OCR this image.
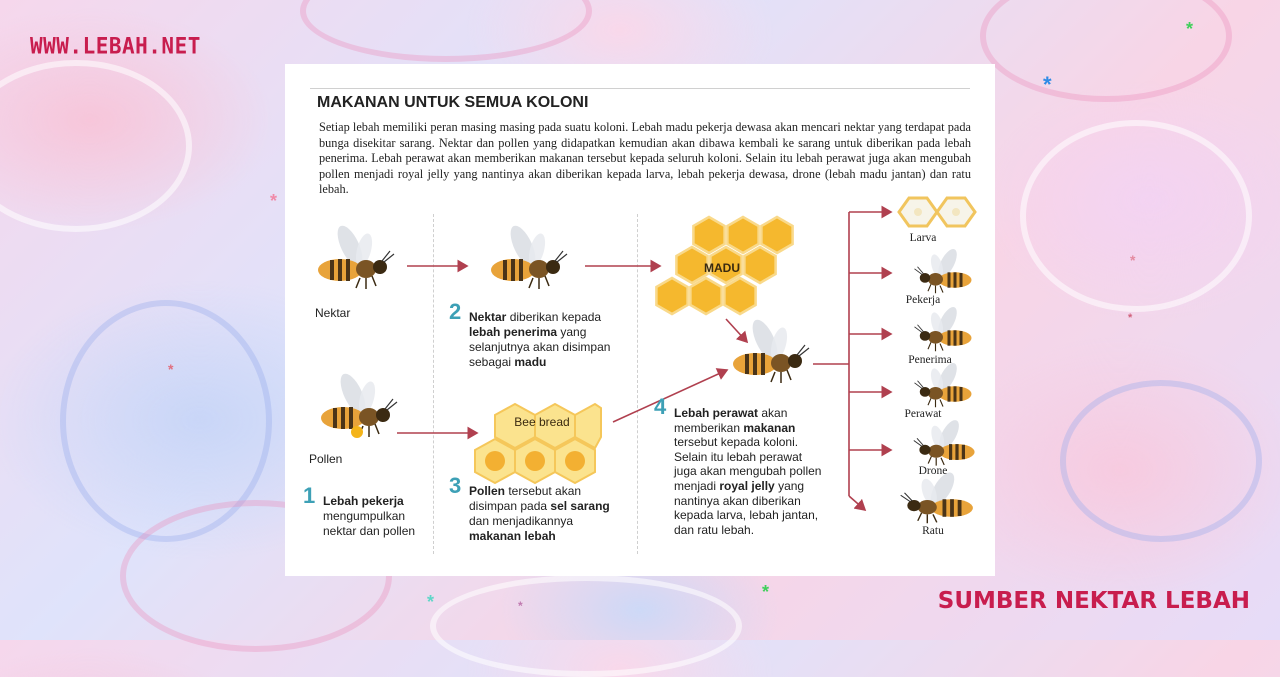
*
*
*
*
*
*
*	*
*
WWW.LEBAH.NET
SUMBER NEKTAR LEBAH
MAKANAN UNTUK SEMUA KOLONI
Setiap lebah memiliki peran masing masing pada suatu koloni. Lebah madu pekerja dewasa akan mencari nektar yang terdapat pada bunga disekitar sarang. Nektar dan pollen yang didapatkan kemudian akan dibawa kembali ke sarang untuk diberikan pada lebah penerima. Lebah perawat akan memberikan makanan tersebut kepada seluruh koloni. Selain itu lebah perawat juga akan mengubah pollen menjadi royal jelly yang nantinya akan diberikan kepada larva, lebah pekerja dewasa, drone (lebah madu jantan) dan ratu lebah.
MADU
Bee bread
Nektar
Pollen
1 Lebah pekerja
mengumpulkan
nektar dan pollen
2 Nektar diberikan kepada
lebah penerima yang
selanjutnya akan disimpan
sebagai madu
3 Pollen tersebut akan
disimpan pada sel sarang
dan menjadikannya
makanan lebah
4 Lebah perawat akan
memberikan makanan
tersebut kepada koloni.
Selain itu lebah perawat
juga akan mengubah pollen
menjadi royal jelly yang
nantinya akan diberikan
kepada larva, lebah jantan,
dan ratu lebah.
Larva
Pekerja
Penerima
Perawat
Drone
Ratu
